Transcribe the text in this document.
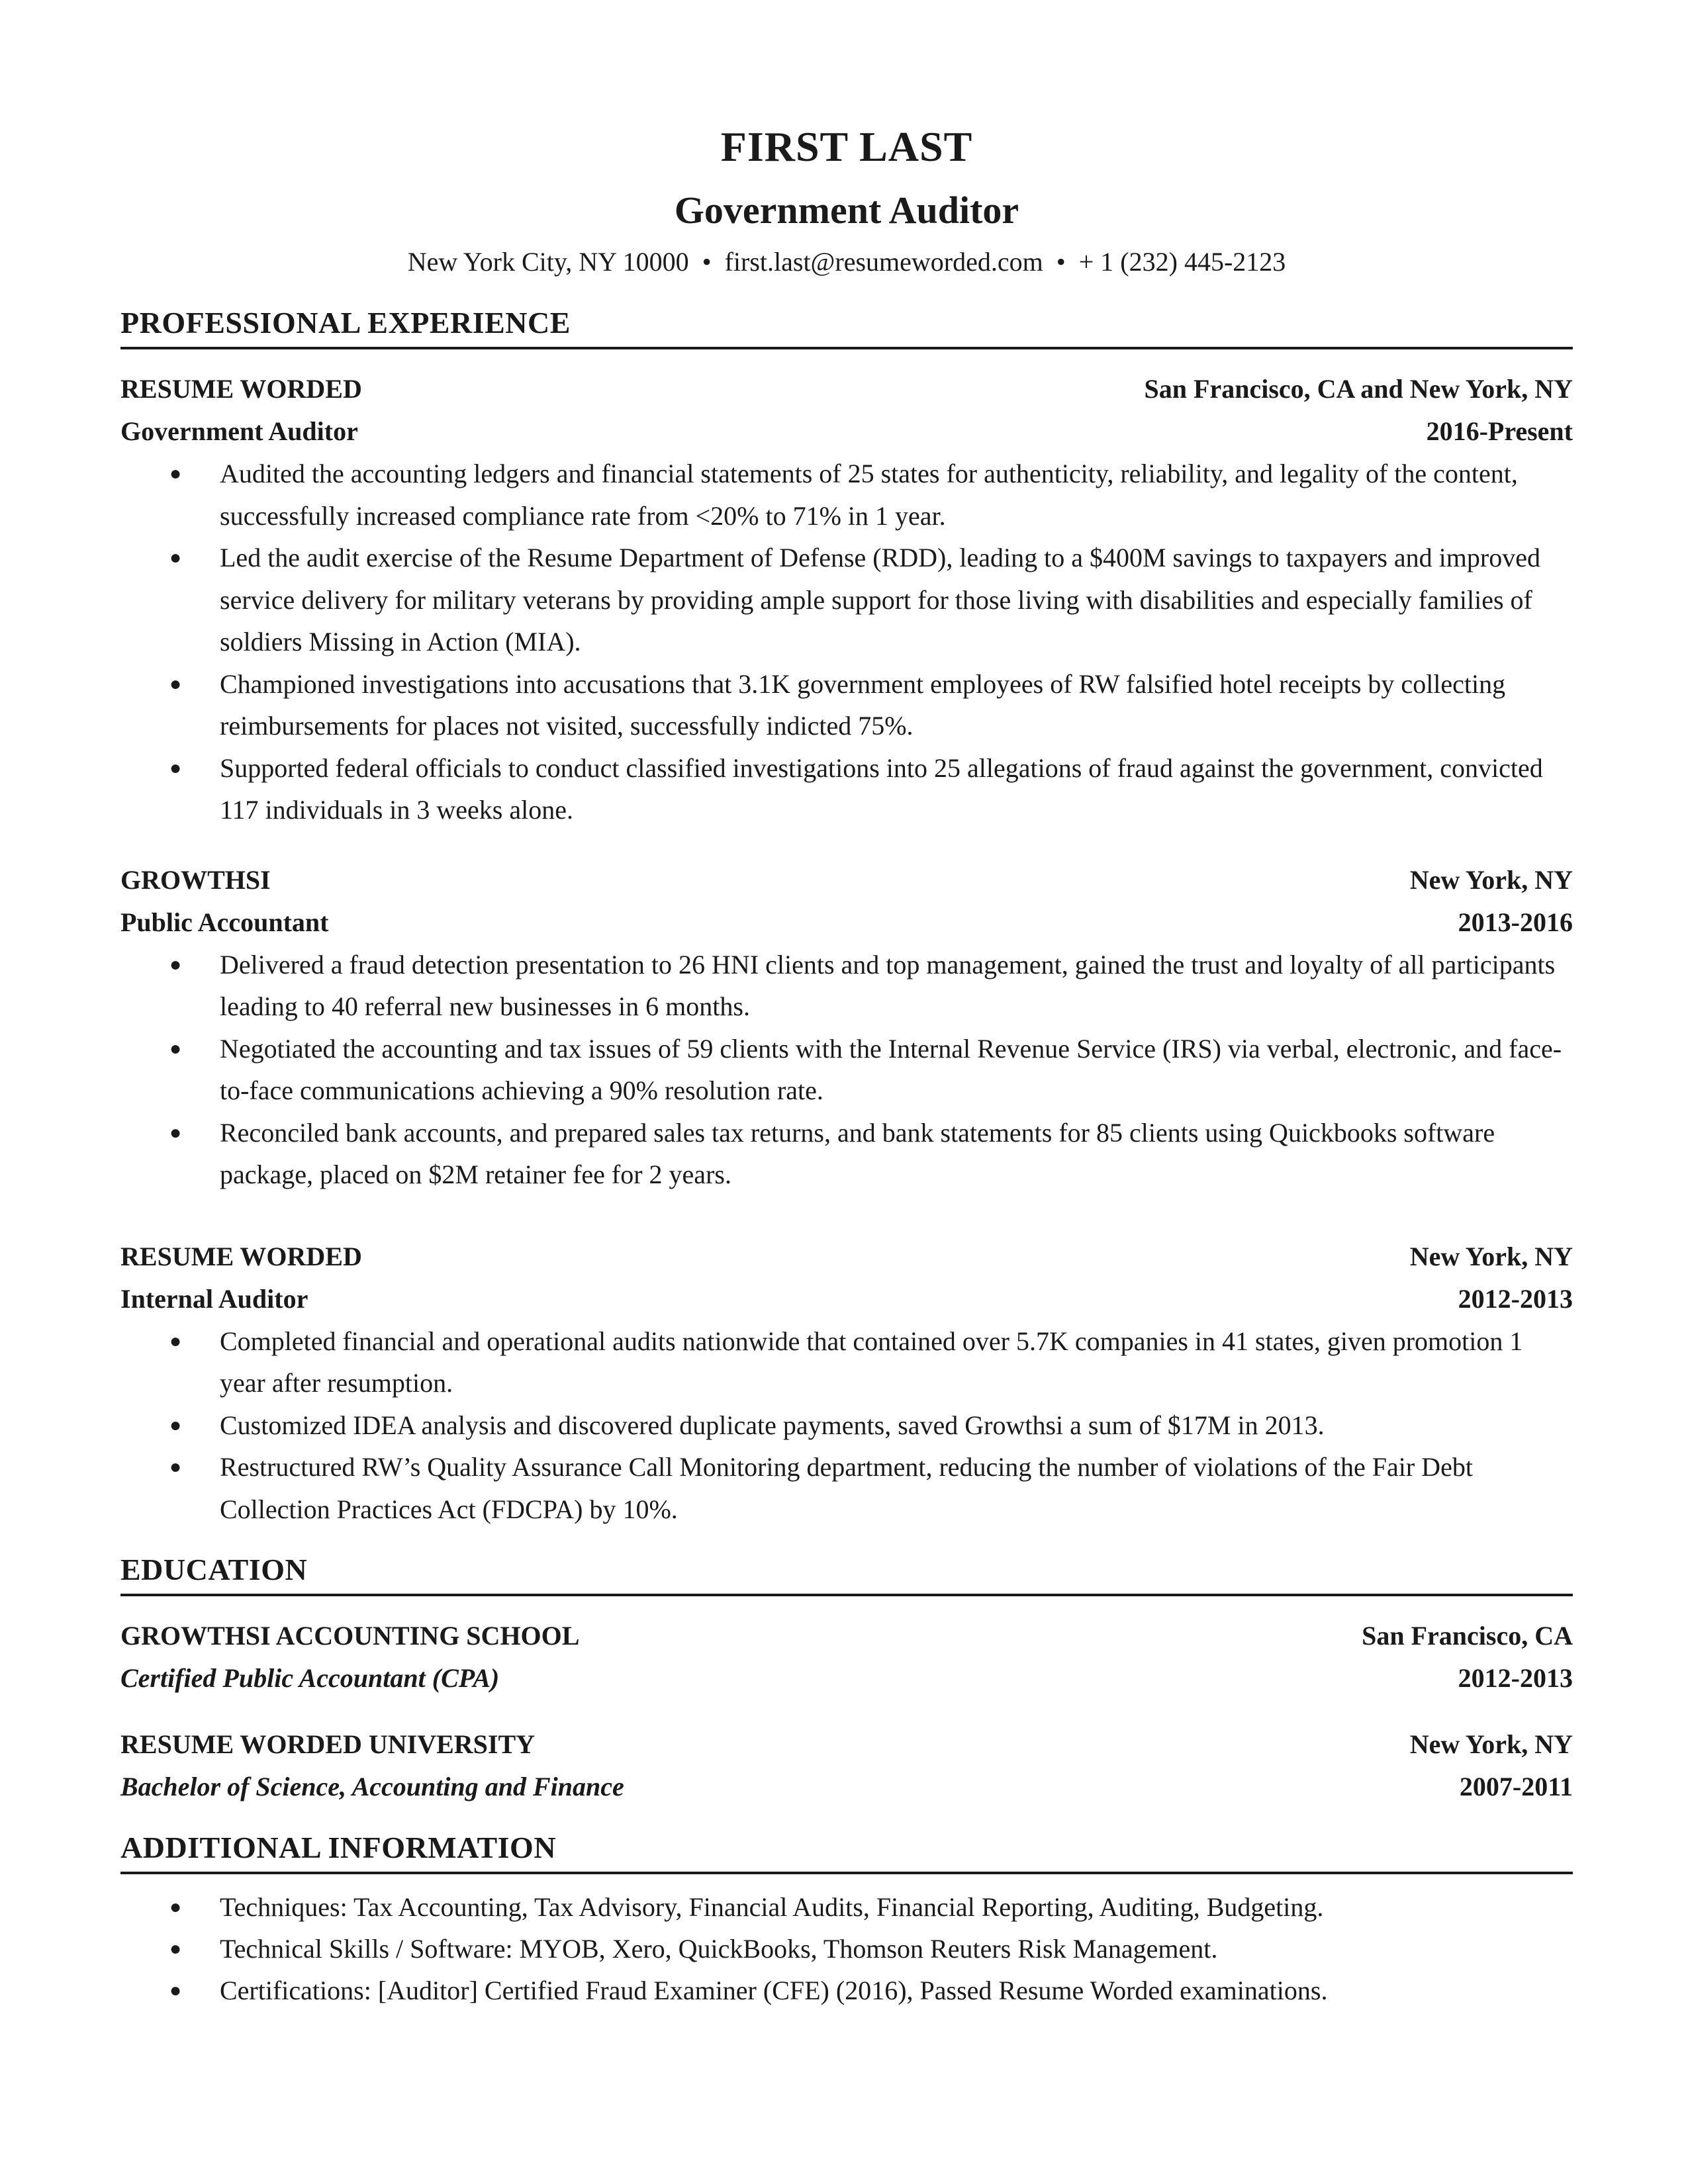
FIRST LAST
Government Auditor
New York City, NY 10000 • first.last@resumeworded.com • + 1 (232) 445-2123
PROFESSIONAL EXPERIENCE
RESUME WORDED	San Francisco, CA and New York, NY
Government Auditor	2016-Present
● Audited the accounting ledgers and financial statements of 25 states for authenticity, reliability, and legality of the content, successfully increased compliance rate from <20% to 71% in 1 year.
● Led the audit exercise of the Resume Department of Defense (RDD), leading to a $400M savings to taxpayers and improved service delivery for military veterans by providing ample support for those living with disabilities and especially families of soldiers Missing in Action (MIA).
● Championed investigations into accusations that 3.1K government employees of RW falsified hotel receipts by collecting reimbursements for places not visited, successfully indicted 75%.
● Supported federal officials to conduct classified investigations into 25 allegations of fraud against the government, convicted 117 individuals in 3 weeks alone.
GROWTHSI	New York, NY
Public Accountant	2013-2016
● Delivered a fraud detection presentation to 26 HNI clients and top management, gained the trust and loyalty of all participants leading to 40 referral new businesses in 6 months.
● Negotiated the accounting and tax issues of 59 clients with the Internal Revenue Service (IRS) via verbal, electronic, and face-to-face communications achieving a 90% resolution rate.
● Reconciled bank accounts, and prepared sales tax returns, and bank statements for 85 clients using Quickbooks software package, placed on $2M retainer fee for 2 years.
RESUME WORDED	New York, NY
Internal Auditor	2012-2013
● Completed financial and operational audits nationwide that contained over 5.7K companies in 41 states, given promotion 1 year after resumption.
● Customized IDEA analysis and discovered duplicate payments, saved Growthsi a sum of $17M in 2013.
● Restructured RW’s Quality Assurance Call Monitoring department, reducing the number of violations of the Fair Debt Collection Practices Act (FDCPA) by 10%.
EDUCATION
GROWTHSI ACCOUNTING SCHOOL	San Francisco, CA
Certified Public Accountant (CPA)	2012-2013
RESUME WORDED UNIVERSITY	New York, NY
Bachelor of Science, Accounting and Finance	2007-2011
ADDITIONAL INFORMATION
● Techniques: Tax Accounting, Tax Advisory, Financial Audits, Financial Reporting, Auditing, Budgeting.
● Technical Skills / Software: MYOB, Xero, QuickBooks, Thomson Reuters Risk Management.
● Certifications: [Auditor] Certified Fraud Examiner (CFE) (2016), Passed Resume Worded examinations.
